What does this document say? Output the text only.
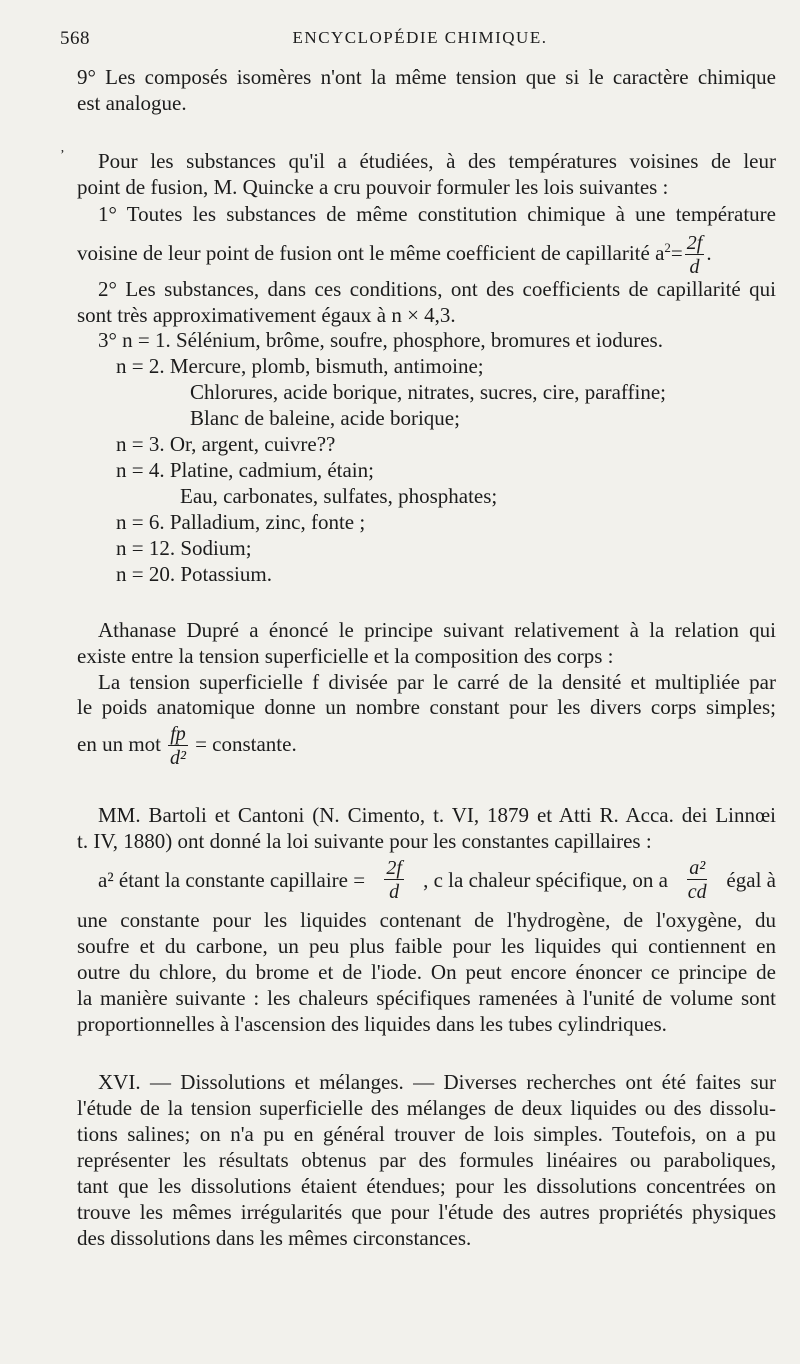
568	ENCYCLOPÉDIE CHIMIQUE.
ʼ
9° Les composés isomères n'ont la même tension que si le caractère chimique
est analogue.
Pour les substances qu'il a étudiées, à des températures voisines de leur
point de fusion, M. Quincke a cru pouvoir formuler les lois suivantes :
1° Toutes les substances de même constitution chimique à une température
voisine de leur point de fusion ont le même coefficient de capillarité $a^2= \frac{2f}{d}$ .
2° Les substances, dans ces conditions, ont des coefficients de capillarité qui
sont très approximativement égaux à n × 4,3.
3° n = 1. Sélénium, brôme, soufre, phosphore, bromures et iodures.
n = 2. Mercure, plomb, bismuth, antimoine;
Chlorures, acide borique, nitrates, sucres, cire, paraffine;
Blanc de baleine, acide borique;
n = 3. Or, argent, cuivre??
n = 4. Platine, cadmium, étain;
Eau, carbonates, sulfates, phosphates;
n = 6. Palladium, zinc, fonte ;
n = 12. Sodium;
n = 20. Potassium.
Athanase Dupré a énoncé le principe suivant relativement à la relation qui
existe entre la tension superficielle et la composition des corps :
La tension superficielle f divisée par le carré de la densité et multipliée par
le poids anatomique donne un nombre constant pour les divers corps simples;
en un mot $\frac{fp}{\text{d²}}$ = constante.
MM. Bartoli et Cantoni (N. Cimento, t. VI, 1879 et Atti R. Acca. dei Linnœi
t. IV, 1880) ont donné la loi suivante pour les constantes capillaires :
a² étant la constante capillaire = $\frac{2f}{d}$ , c la chaleur spécifique, on a $\frac{\text{a²}}{cd}$ égal à
une constante pour les liquides contenant de l'hydrogène, de l'oxygène, du
soufre et du carbone, un peu plus faible pour les liquides qui contiennent en
outre du chlore, du brome et de l'iode. On peut encore énoncer ce principe de
la manière suivante : les chaleurs spécifiques ramenées à l'unité de volume sont
proportionnelles à l'ascension des liquides dans les tubes cylindriques.
XVI. — Dissolutions et mélanges. — Diverses recherches ont été faites sur
l'étude de la tension superficielle des mélanges de deux liquides ou des dissolu-
tions salines; on n'a pu en général trouver de lois simples. Toutefois, on a pu
représenter les résultats obtenus par des formules linéaires ou paraboliques,
tant que les dissolutions étaient étendues; pour les dissolutions concentrées on
trouve les mêmes irrégularités que pour l'étude des autres propriétés physiques
des dissolutions dans les mêmes circonstances.
